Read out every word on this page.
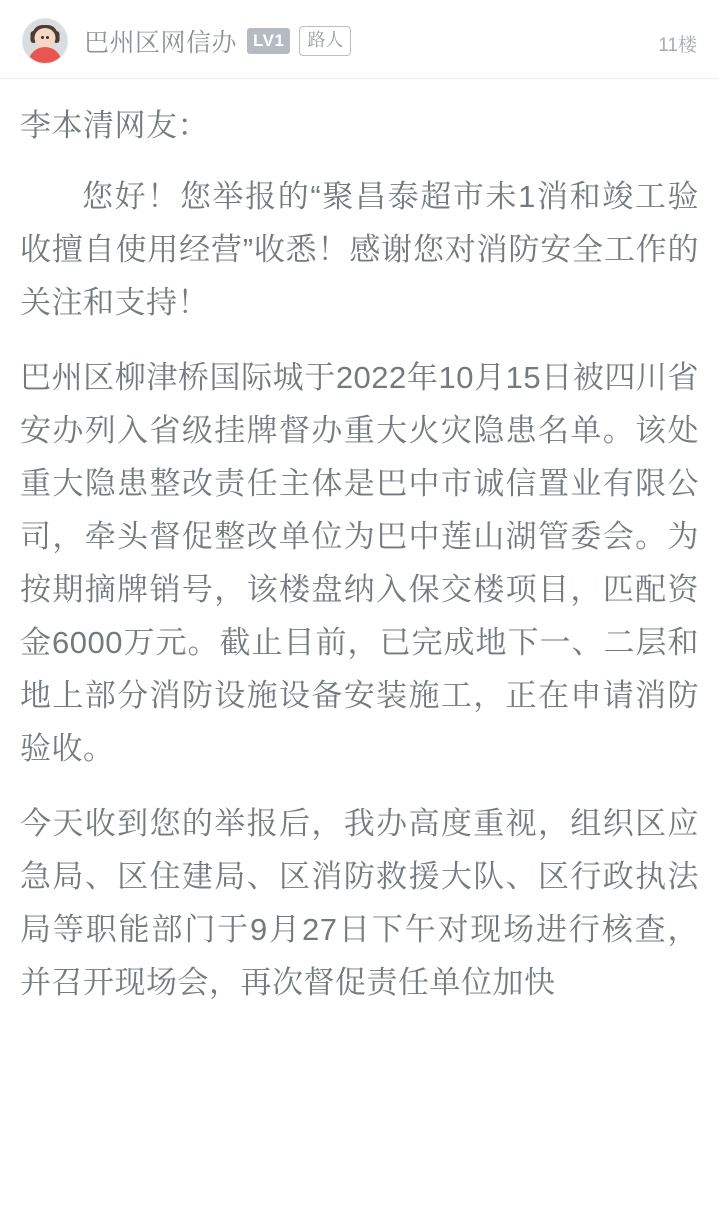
巴州区网信办 LV1	路人	11楼

李本清网友：

您好！您举报的“聚昌泰超市未1消和竣工验收擅自使用经营”收悉！感谢您对消防安全工作的关注和支持！

巴州区柳津桥国际城于2022年10月15日被四川省安办列入省级挂牌督办重大火灾隐患名单。该处重大隐患整改责任主体是巴中市诚信置业有限公司，牵头督促整改单位为巴中莲山湖管委会。为按期摘牌销号，该楼盘纳入保交楼项目，匹配资金6000万元。截止目前，已完成地下一、二层和地上部分消防设施设备安装施工，正在申请消防验收。

今天收到您的举报后，我办高度重视，组织区应急局、区住建局、区消防救援大队、区行政执法局等职能部门于9月27日下午对现场进行核查，并召开现场会，再次督促责任单位加快
